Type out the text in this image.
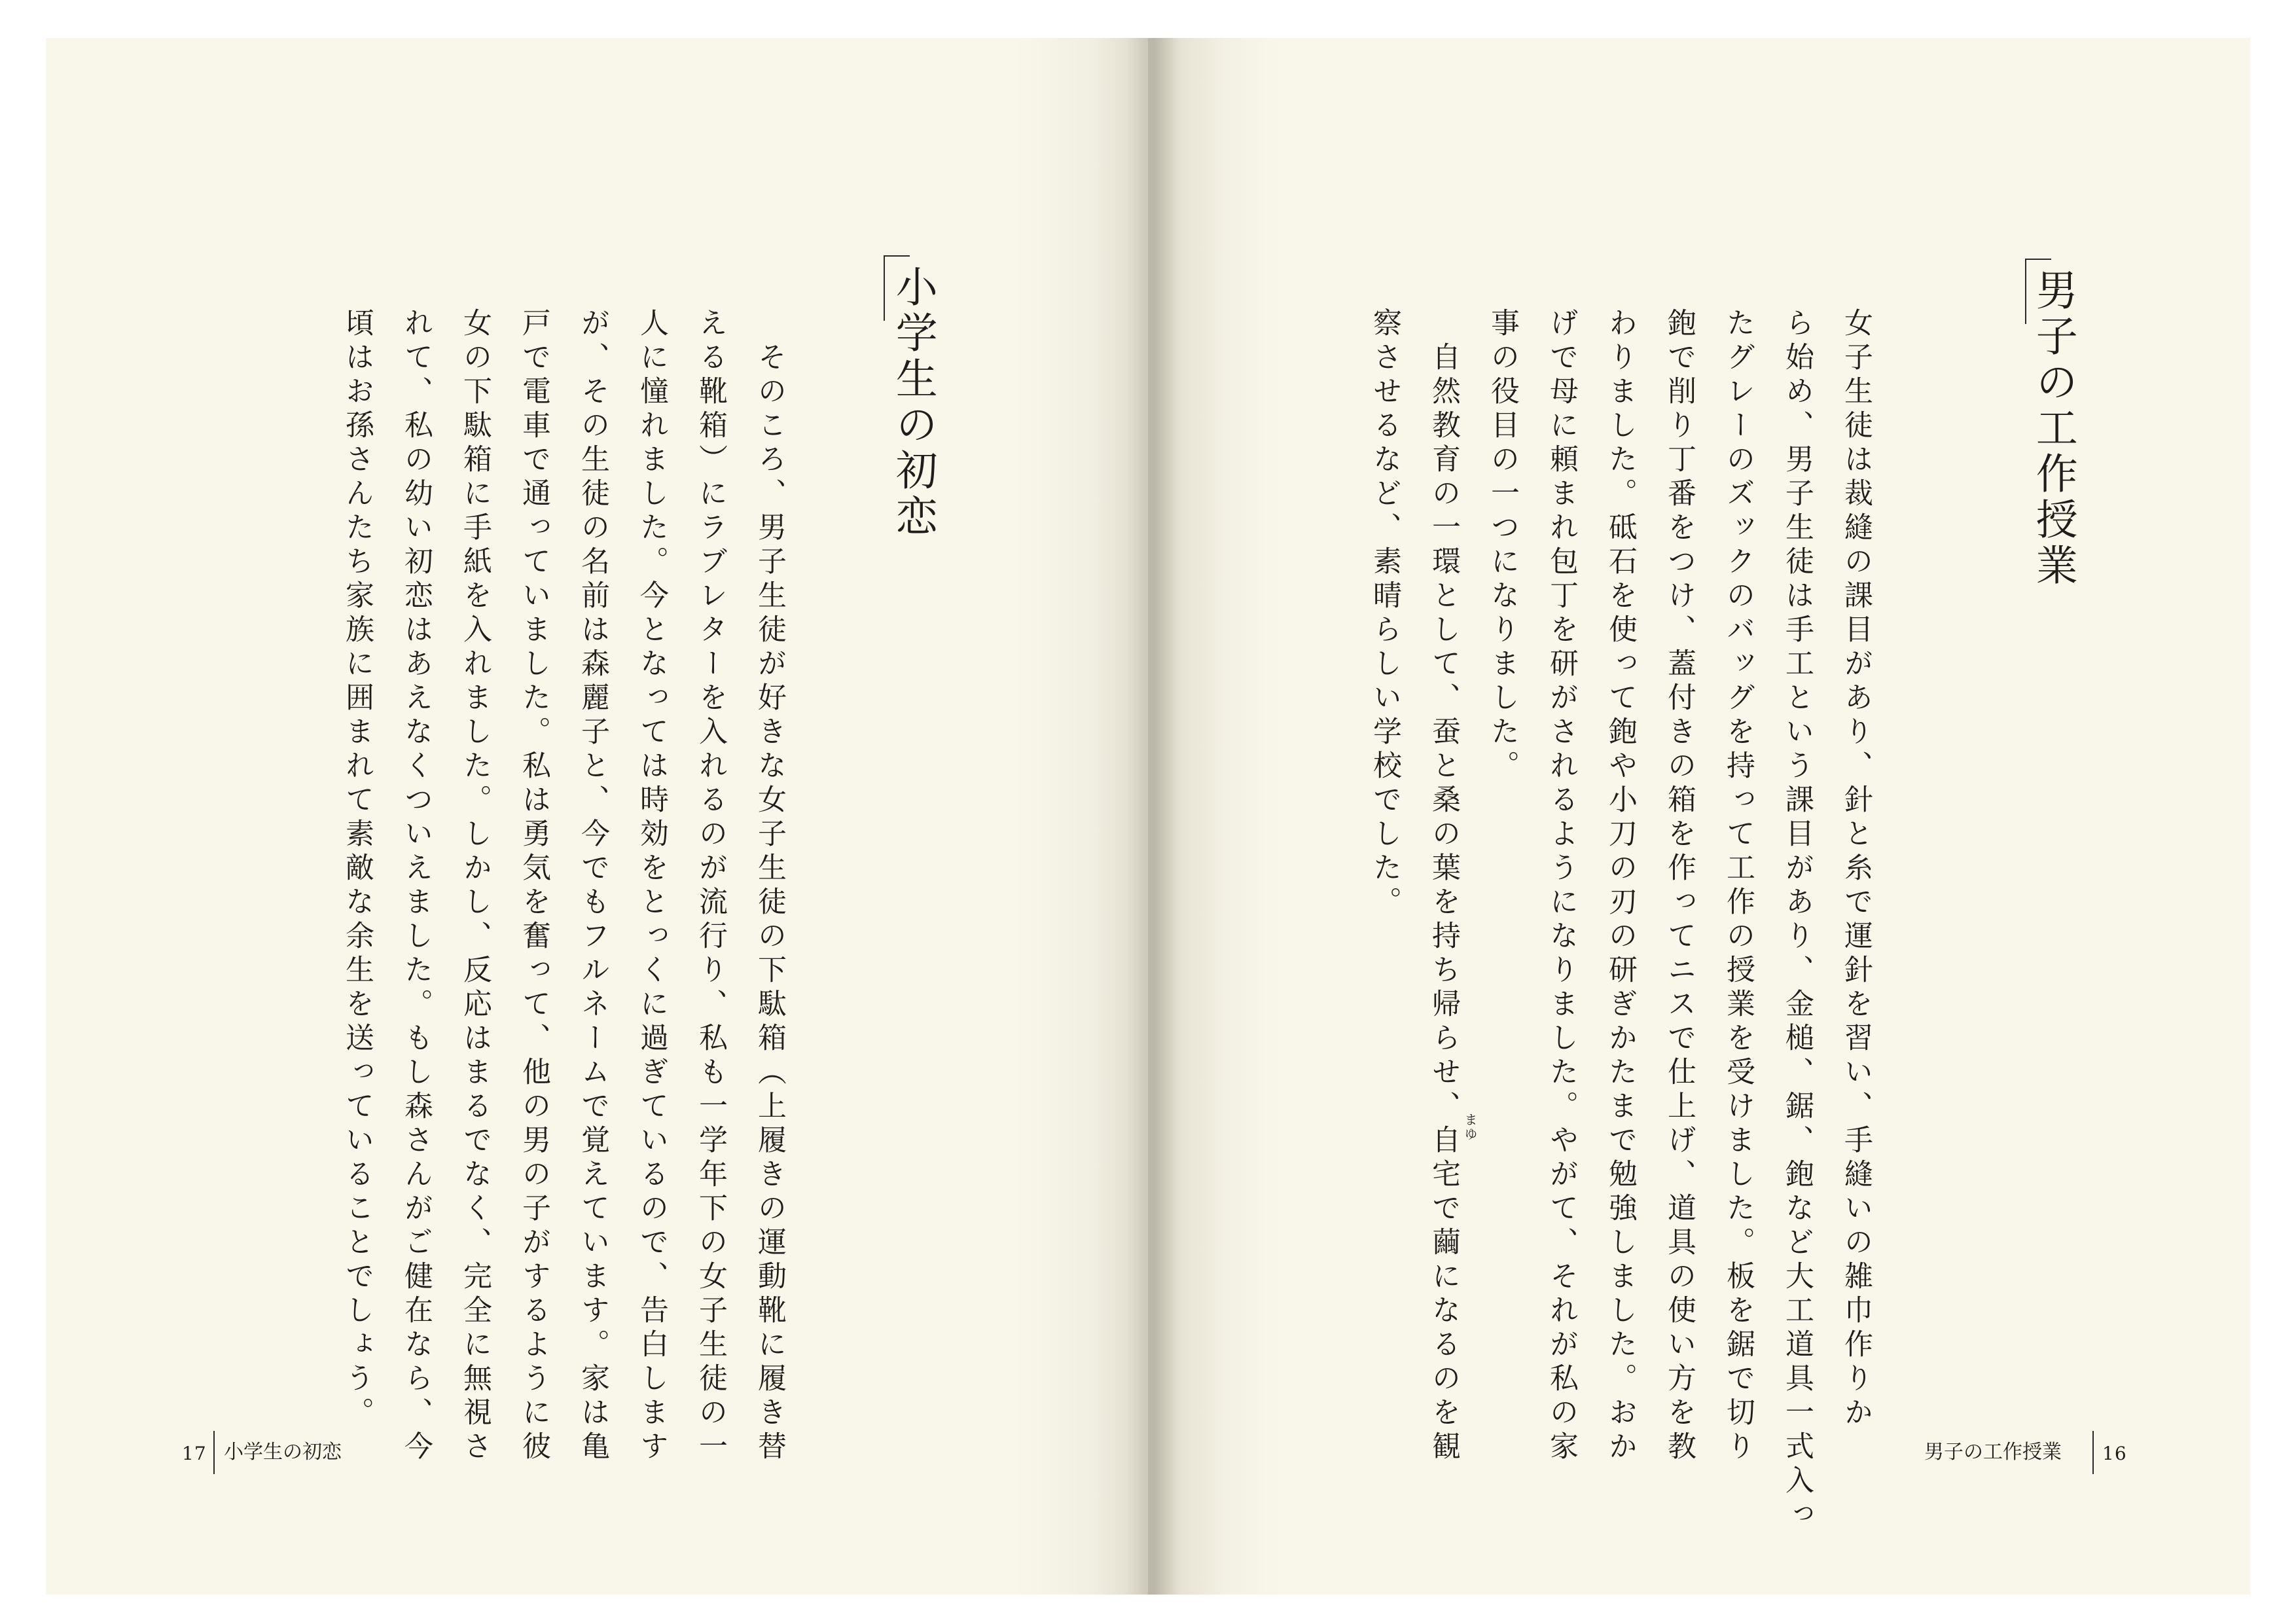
男子の工作授業
女子生徒は裁縫の課目があり、針と糸で運針を習い、手縫いの雑巾作りか
ら始め、男子生徒は手工という課目があり、金槌、鋸、鉋など大工道具一式入っ
たグレーのズックのバッグを持って工作の授業を受けました。板を鋸で切り
鉋で削り丁番をつけ、蓋付きの箱を作ってニスで仕上げ、道具の使い方を教
わりました。砥石を使って鉋や小刀の刃の研ぎかたまで勉強しました。おか
げで母に頼まれ包丁を研がされるようになりました。やがて、それが私の家
事の役目の一つになりました。
　自然教育の一環として、蚕と桑の葉を持ち帰らせ、自宅で繭になるのを観
察させるなど、素晴らしい学校でした。
まゆ
男子の工作授業 16
小学生の初恋
　そのころ、男子生徒が好きな女子生徒の下駄箱（上履きの運動靴に履き替
える靴箱）にラブレターを入れるのが流行り、私も一学年下の女子生徒の一
人に憧れました。今となっては時効をとっくに過ぎているので、告白します
が、その生徒の名前は森麗子と、今でもフルネームで覚えています。家は亀
戸で電車で通っていました。私は勇気を奮って、他の男の子がするように彼
女の下駄箱に手紙を入れました。しかし、反応はまるでなく、完全に無視さ
れて、私の幼い初恋はあえなくついえました。もし森さんがご健在なら、今
頃はお孫さんたち家族に囲まれて素敵な余生を送っていることでしょう。
17 小学生の初恋
